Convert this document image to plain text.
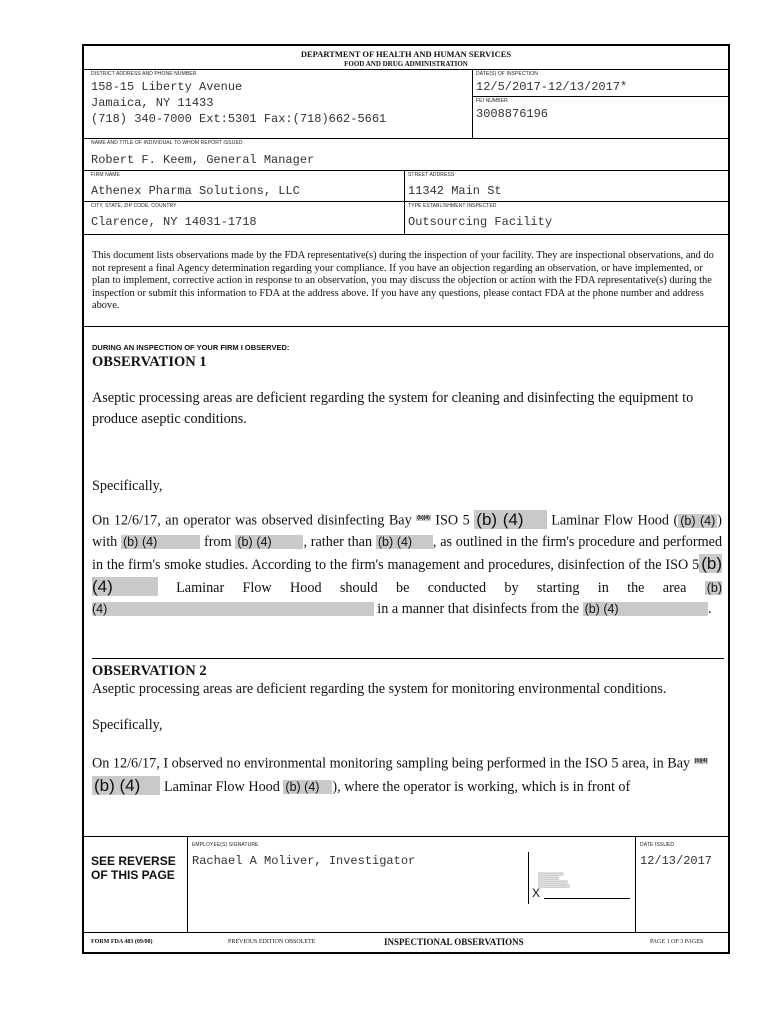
DEPARTMENT OF HEALTH AND HUMAN SERVICES
FOOD AND DRUG ADMINISTRATION
DISTRICT ADDRESS AND PHONE NUMBER
158-15 Liberty Avenue
Jamaica, NY 11433
(718) 340-7000 Ext:5301 Fax:(718)662-5661
DATE(S) OF INSPECTION
12/5/2017-12/13/2017*
FEI NUMBER
3008876196
NAME AND TITLE OF INDIVIDUAL TO WHOM REPORT ISSUED
Robert F. Keem, General Manager
FIRM NAME
Athenex Pharma Solutions, LLC
STREET ADDRESS
11342 Main St
CITY, STATE, ZIP CODE, COUNTRY
Clarence, NY 14031-1718
TYPE ESTABLISHMENT INSPECTED
Outsourcing Facility
This document lists observations made by the FDA representative(s) during the inspection of your facility. They are inspectional observations, and do not represent a final Agency determination regarding your compliance. If you have an objection regarding an observation, or have implemented, or plan to implement, corrective action in response to an observation, you may discuss the objection or action with the FDA representative(s) during the inspection or submit this information to FDA at the address above. If you have any questions, please contact FDA at the phone number and address above.
DURING AN INSPECTION OF YOUR FIRM I OBSERVED:
OBSERVATION 1
Aseptic processing areas are deficient regarding the system for cleaning and disinfecting the equipment to produce aseptic conditions.
Specifically,
On 12/6/17, an operator was observed disinfecting Bay $^{(b)(4)}$ ISO 5 (b) (4) Laminar Flow Hood ( (b) (4) ) with (b) (4)	from (b) (4) , rather than (b) (4) , as outlined in the firm's procedure and performed in the firm's smoke studies. According to the firm's management and procedures, disinfection of the ISO 5 (b) (4)	Laminar Flow Hood should be conducted by starting in the area (b) (4)	in a manner that disinfects from the (b) (4)	.
OBSERVATION 2
Aseptic processing areas are deficient regarding the system for monitoring environmental conditions.
Specifically,
On 12/6/17, I observed no environmental monitoring sampling being performed in the ISO 5 area, in Bay $^{(b)(4)}$(b) (4) Laminar Flow Hood (b) (4) ), where the operator is working, which is in front of
SEE REVERSE OF THIS PAGE
EMPLOYEE(S) SIGNATURE
Rachael A Moliver, Investigator
▒▒▒▒▒▒▒▒▒▒▒▒
▒▒▒▒▒▒▒▒▒▒
▒▒▒▒▒▒▒▒▒▒▒▒▒▒
▒▒▒▒▒▒▒▒▒▒▒▒▒▒▒
X
DATE ISSUED
12/13/2017
FORM FDA 483 (09/08)	PREVIOUS EDITION OBSOLETE	INSPECTIONAL OBSERVATIONS	PAGE 1 OF 3 PAGES
